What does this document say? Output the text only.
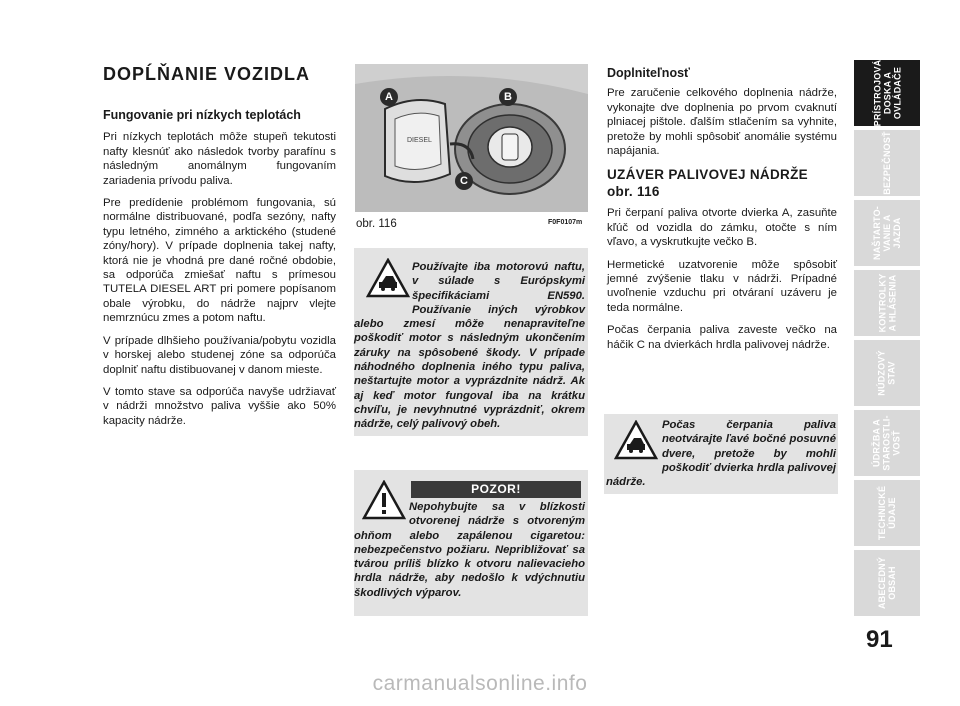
DOPĹŇANIE VOZIDLA

Fungovanie pri nízkych teplotách

Pri nízkych teplotách môže stupeň tekutosti nafty klesnúť ako následok tvorby parafínu s následným anomálnym fungovaním zariadenia prívodu paliva.

Pre predídenie problémom fungovania, sú normálne distribuované, podľa sezóny, nafty typu letného, zimného a arktického (studené zóny/hory). V prípade doplnenia takej nafty, ktorá nie je vhodná pre dané ročné obdobie, sa odporúča zmiešať naftu s prímesou TUTELA DIESEL ART pri pomere popísanom obale výrobku, do nádrže najprv vlejte nemrznúcu zmes a potom naftu.

V prípade dlhšieho používania/pobytu vozidla v horskej alebo studenej zóne sa odporúča doplniť naftu distibuovanej v danom mieste.

V tomto stave sa odporúča navyše udržiavať v nádrži množstvo paliva vyššie ako 50% kapacity nádrže.

DIESEL
A	B
C
obr. 116	F0F0107m

Používajte iba motorovú naftu, v súlade s Európskymi špecifikáciami EN590. Používanie iných výrobkov alebo zmesí môže nenapraviteľne poškodiť motor s následným ukončením záruky na spôsobené škody. V prípade náhodného doplnenia iného typu paliva, neštartujte motor a vyprázdnite nádrž. Ak aj keď motor fungoval iba na krátku chvíľu, je nevyhnutné vyprázdniť, okrem nádrže, celý palivový obeh.

POZOR!

Nepohybujte sa v blízkosti otvorenej nádrže s otvoreným ohňom alebo zapálenou cigaretou: nebezpečenstvo požiaru. Nepribližovať sa tvárou príliš blízko k otvoru nalievacieho hrdla nádrže, aby nedošlo k vdýchnutiu škodlivých výparov.

Doplniteľnosť

Pre zaručenie celkového doplnenia nádrže, vykonajte dve doplnenia po prvom cvaknutí plniacej pištole. ďalším stlačením sa vyhnite, pretože by mohli spôsobiť anomálie systému napájania.

UZÁVER PALIVOVEJ NÁDRŽE
obr. 116

Pri čerpaní paliva otvorte dvierka A, zasuňte kľúč od vozidla do zámku, otočte s ním vľavo, a vyskrutkujte večko B.

Hermetické uzatvorenie môže spôsobiť jemné zvýšenie tlaku v nádrži. Prípadné uvoľnenie vzduchu pri otváraní uzáveru je teda normálne.

Počas čerpania paliva zaveste večko na háčik C na dvierkách hrdla palivovej nádrže.

Počas čerpania paliva neotvárajte ľavé bočné posuvné dvere, pretože by mohli poškodiť dvierka hrdla palivovej nádrže.

PRÍSTROJOVÁ
DOSKA A
OVLÁDAČE
BEZPEČNOSŤ
NAŠTARTO-
VANIE A
JAZDA
KONTROLKY
A HLÁSENIA
NÚDZOVÝ
STAV
ÚDRŽBA A
STAROSTLI-
VOSŤ
TECHNICKÉ
ÚDAJE
ABECEDNÝ
OBSAH
91
carmanualsonline.info
